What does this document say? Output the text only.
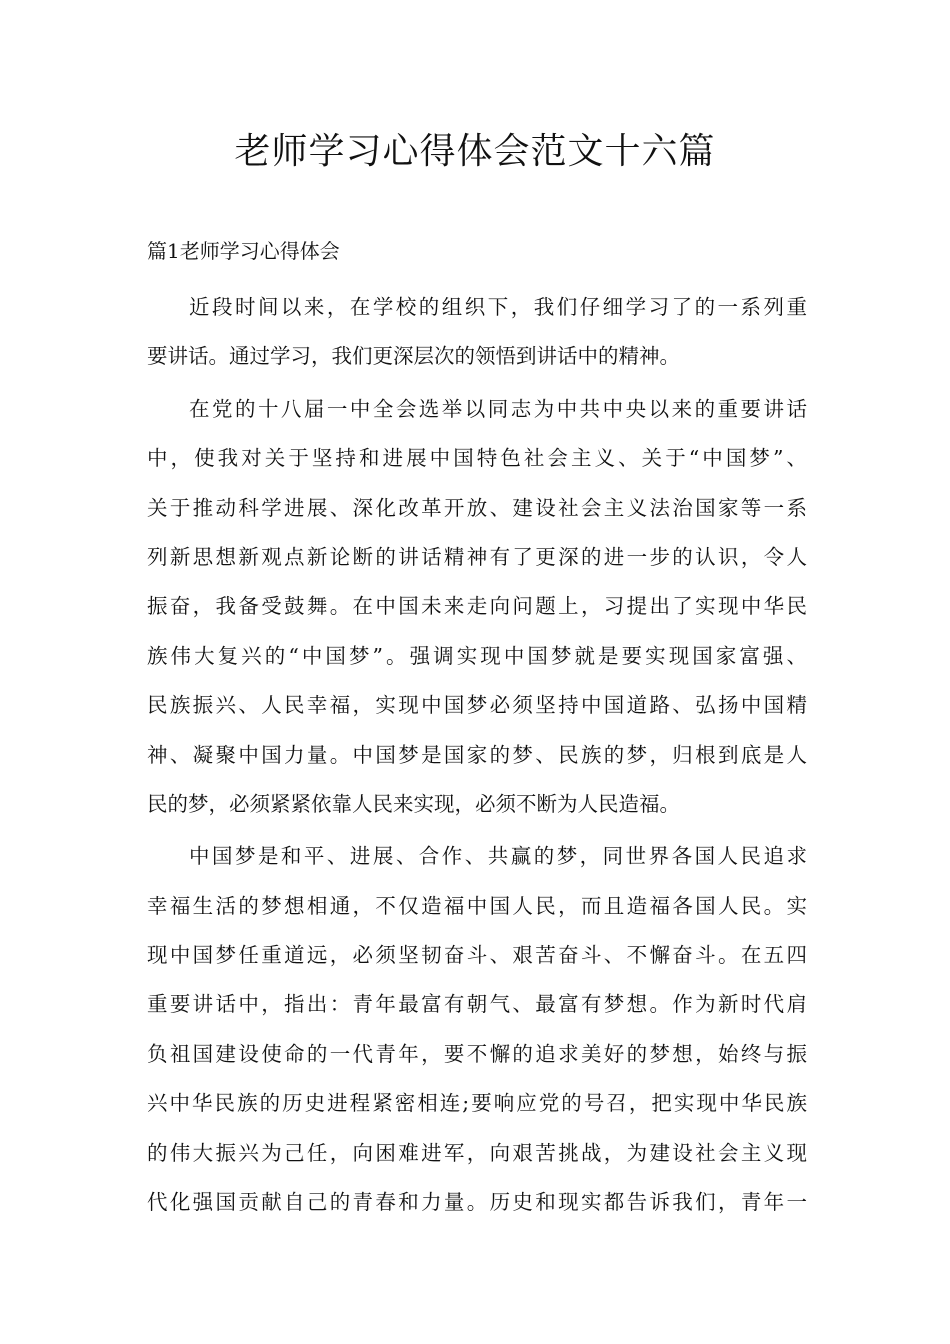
老师学习心得体会范文十六篇

篇1老师学习心得体会

近段时间以来，在学校的组织下，我们仔细学习了的一系列重
要讲话。通过学习，我们更深层次的领悟到讲话中的精神。
在党的十八届一中全会选举以同志为中共中央以来的重要讲话
中，使我对关于坚持和进展中国特色社会主义、关于“中国梦”、
关于推动科学进展、深化改革开放、建设社会主义法治国家等一系
列新思想新观点新论断的讲话精神有了更深的进一步的认识，令人
振奋，我备受鼓舞。在中国未来走向问题上，习提出了实现中华民
族伟大复兴的“中国梦”。强调实现中国梦就是要实现国家富强、
民族振兴、人民幸福，实现中国梦必须坚持中国道路、弘扬中国精
神、凝聚中国力量。中国梦是国家的梦、民族的梦，归根到底是人
民的梦，必须紧紧依靠人民来实现，必须不断为人民造福。
中国梦是和平、进展、合作、共赢的梦，同世界各国人民追求
幸福生活的梦想相通，不仅造福中国人民，而且造福各国人民。实
现中国梦任重道远，必须坚韧奋斗、艰苦奋斗、不懈奋斗。在五四
重要讲话中，指出：青年最富有朝气、最富有梦想。作为新时代肩
负祖国建设使命的一代青年，要不懈的追求美好的梦想，始终与振
兴中华民族的历史进程紧密相连;要响应党的号召，把实现中华民族
的伟大振兴为己任，向困难进军，向艰苦挑战，为建设社会主义现
代化强国贡献自己的青春和力量。历史和现实都告诉我们，青年一
